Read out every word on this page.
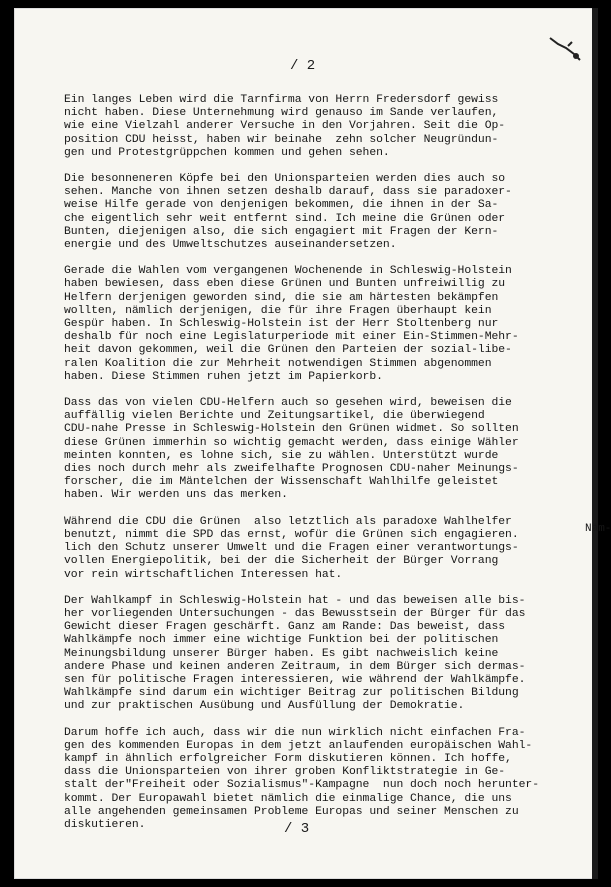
/ 2
Ein langes Leben wird die Tarnfirma von Herrn Fredersdorf gewiss
nicht haben. Diese Unternehmung wird genauso im Sande verlaufen,
wie eine Vielzahl anderer Versuche in den Vorjahren. Seit die Op-
position CDU heisst, haben wir beinahe  zehn solcher Neugründun-
gen und Protestgrüppchen kommen und gehen sehen.
Die besonneneren Köpfe bei den Unionsparteien werden dies auch so
sehen. Manche von ihnen setzen deshalb darauf, dass sie paradoxer-
weise Hilfe gerade von denjenigen bekommen, die ihnen in der Sa-
che eigentlich sehr weit entfernt sind. Ich meine die Grünen oder
Bunten, diejenigen also, die sich engagiert mit Fragen der Kern-
energie und des Umweltschutzes auseinandersetzen.
Gerade die Wahlen vom vergangenen Wochenende in Schleswig-Holstein
haben bewiesen, dass eben diese Grünen und Bunten unfreiwillig zu
Helfern derjenigen geworden sind, die sie am härtesten bekämpfen
wollten, nämlich derjenigen, die für ihre Fragen überhaupt kein
Gespür haben. In Schleswig-Holstein ist der Herr Stoltenberg nur
deshalb für noch eine Legislaturperiode mit einer Ein-Stimmen-Mehr-
heit davon gekommen, weil die Grünen den Parteien der sozial-libe-
ralen Koalition die zur Mehrheit notwendigen Stimmen abgenommen
haben. Diese Stimmen ruhen jetzt im Papierkorb.
Dass das von vielen CDU-Helfern auch so gesehen wird, beweisen die
auffällig vielen Berichte und Zeitungsartikel, die überwiegend
CDU-nahe Presse in Schleswig-Holstein den Grünen widmet. So sollten
diese Grünen immerhin so wichtig gemacht werden, dass einige Wähler
meinten konnten, es lohne sich, sie zu wählen. Unterstützt wurde
dies noch durch mehr als zweifelhafte Prognosen CDU-naher Meinungs-
forscher, die im Mäntelchen der Wissenschaft Wahlhilfe geleistet
haben. Wir werden uns das merken.
Während die CDU die Grünen  also letztlich als paradoxe Wahlhelfer
benutzt, nimmt die SPD das ernst, wofür die Grünen sich engagieren.
lich den Schutz unserer Umwelt und die Fragen einer verantwortungs-
vollen Energiepolitik, bei der die Sicherheit der Bürger Vorrang
vor rein wirtschaftlichen Interessen hat.
Der Wahlkampf in Schleswig-Holstein hat - und das beweisen alle bis-
her vorliegenden Untersuchungen - das Bewusstsein der Bürger für das
Gewicht dieser Fragen geschärft. Ganz am Rande: Das beweist, dass
Wahlkämpfe noch immer eine wichtige Funktion bei der politischen
Meinungsbildung unserer Bürger haben. Es gibt nachweislich keine
andere Phase und keinen anderen Zeitraum, in dem Bürger sich dermas-
sen für politische Fragen interessieren, wie während der Wahlkämpfe.
Wahlkämpfe sind darum ein wichtiger Beitrag zur politischen Bildung
und zur praktischen Ausübung und Ausfüllung der Demokratie.
Darum hoffe ich auch, dass wir die nun wirklich nicht einfachen Fra-
gen des kommenden Europas in dem jetzt anlaufenden europäischen Wahl-
kampf in ähnlich erfolgreicher Form diskutieren können. Ich hoffe,
dass die Unionsparteien von ihrer groben Konfliktstrategie in Ge-
stalt der"Freiheit oder Sozialismus"-Kampagne  nun doch noch herunter-
kommt. Der Europawahl bietet nämlich die einmalige Chance, die uns
alle angehenden gemeinsamen Probleme Europas und seiner Menschen zu
diskutieren.
Näm-
/ 3
